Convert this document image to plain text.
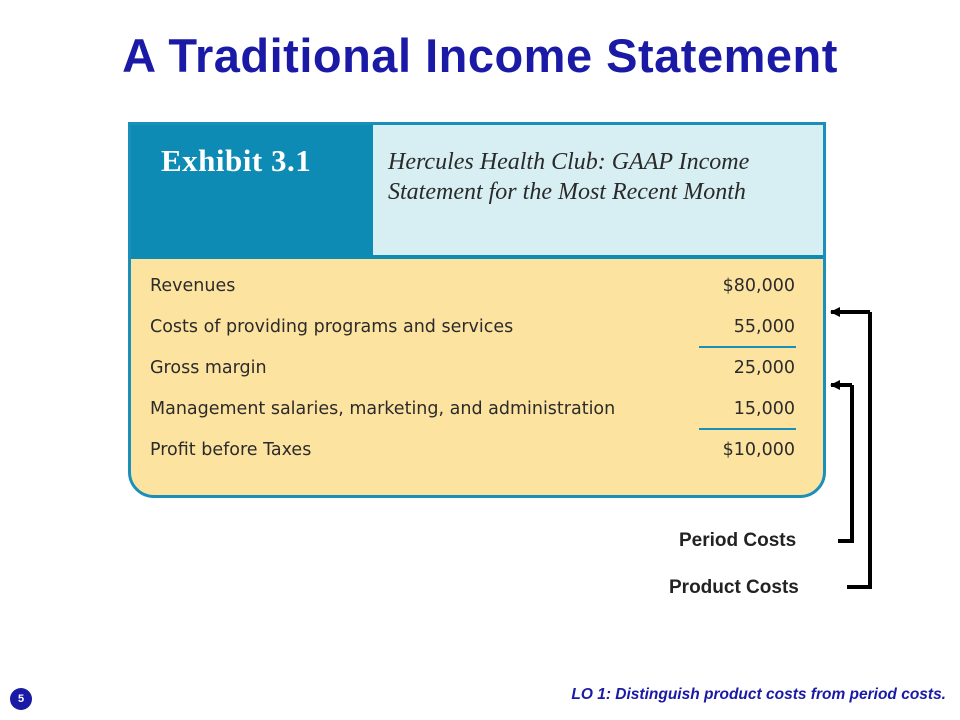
A Traditional Income Statement
Exhibit 3.1	Hercules Health Club: GAAP Income Statement for the Most Recent Month
Revenues	$80,000
Costs of providing programs and services	55,000
Gross margin	25,000
Management salaries, marketing, and administration	15,000
Profit before Taxes	$10,000
Period Costs
Product Costs
5	LO 1: Distinguish product costs from period costs.
